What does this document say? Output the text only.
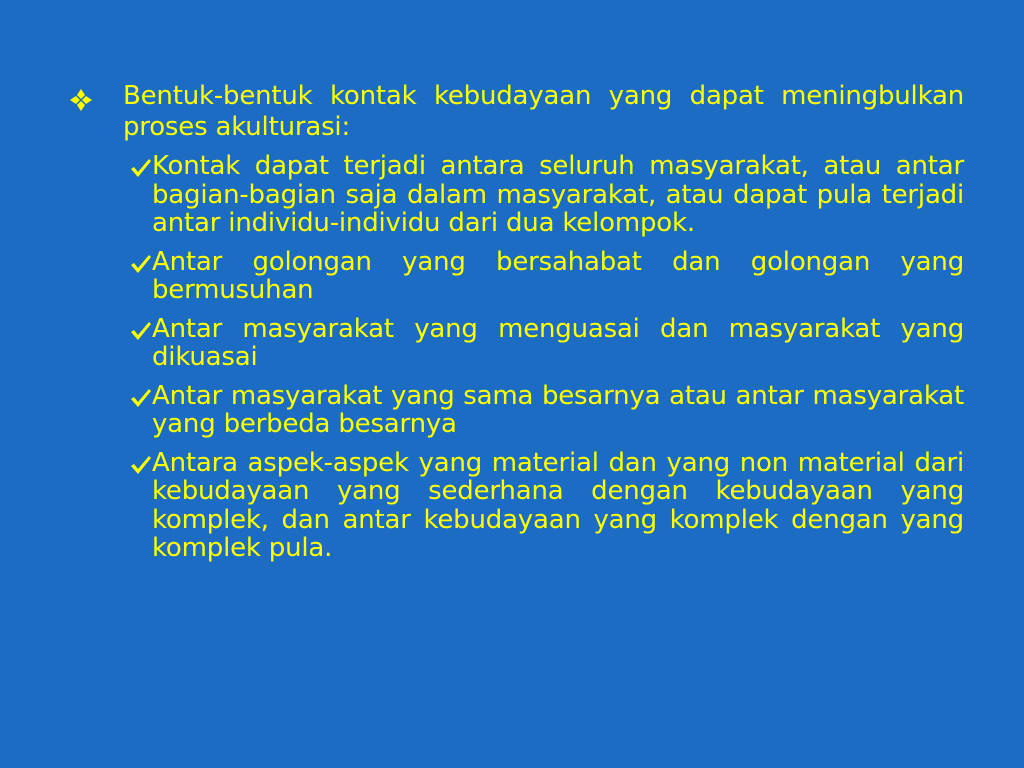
Bentuk-bentuk kontak kebudayaan yang dapat meningbulkan proses akulturasi:
Kontak dapat terjadi antara seluruh masyarakat, atau antar bagian-bagian saja dalam masyarakat, atau dapat pula terjadi antar individu-individu dari dua kelompok.
Antar golongan yang bersahabat dan golongan yang bermusuhan
Antar masyarakat yang menguasai dan masyarakat yang dikuasai
Antar masyarakat yang sama besarnya atau antar masyarakat yang berbeda besarnya
Antara aspek-aspek yang material dan yang non material dari kebudayaan yang sederhana dengan kebudayaan yang komplek, dan antar kebudayaan yang komplek dengan yang komplek pula.
